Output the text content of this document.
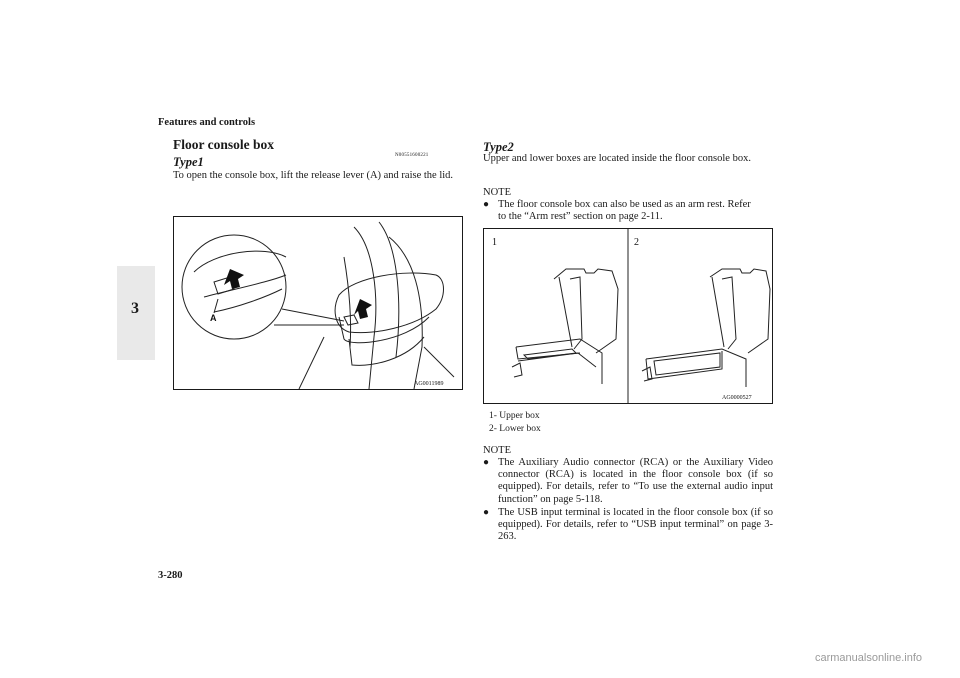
Features and controls
3
Floor console box
N00551600221
Type1
To open the console box, lift the release lever (A) and raise the lid.
A
AG0011989
Type2
Upper and lower boxes are located inside the floor console box.
NOTE
● The floor console box can also be used as an arm rest. Refer to the “Arm rest” section on page 2-11.
1	2
AG0000527
1- Upper box
2- Lower box
NOTE
● The Auxiliary Audio connector (RCA) or the Auxiliary Video connector (RCA) is located in the floor console box (if so equipped). For details, refer to “To use the external audio input function” on page 5-118.
● The USB input terminal is located in the floor console box (if so equipped). For details, refer to “USB input terminal” on page 3-263.
3-280
carmanualsonline.info
